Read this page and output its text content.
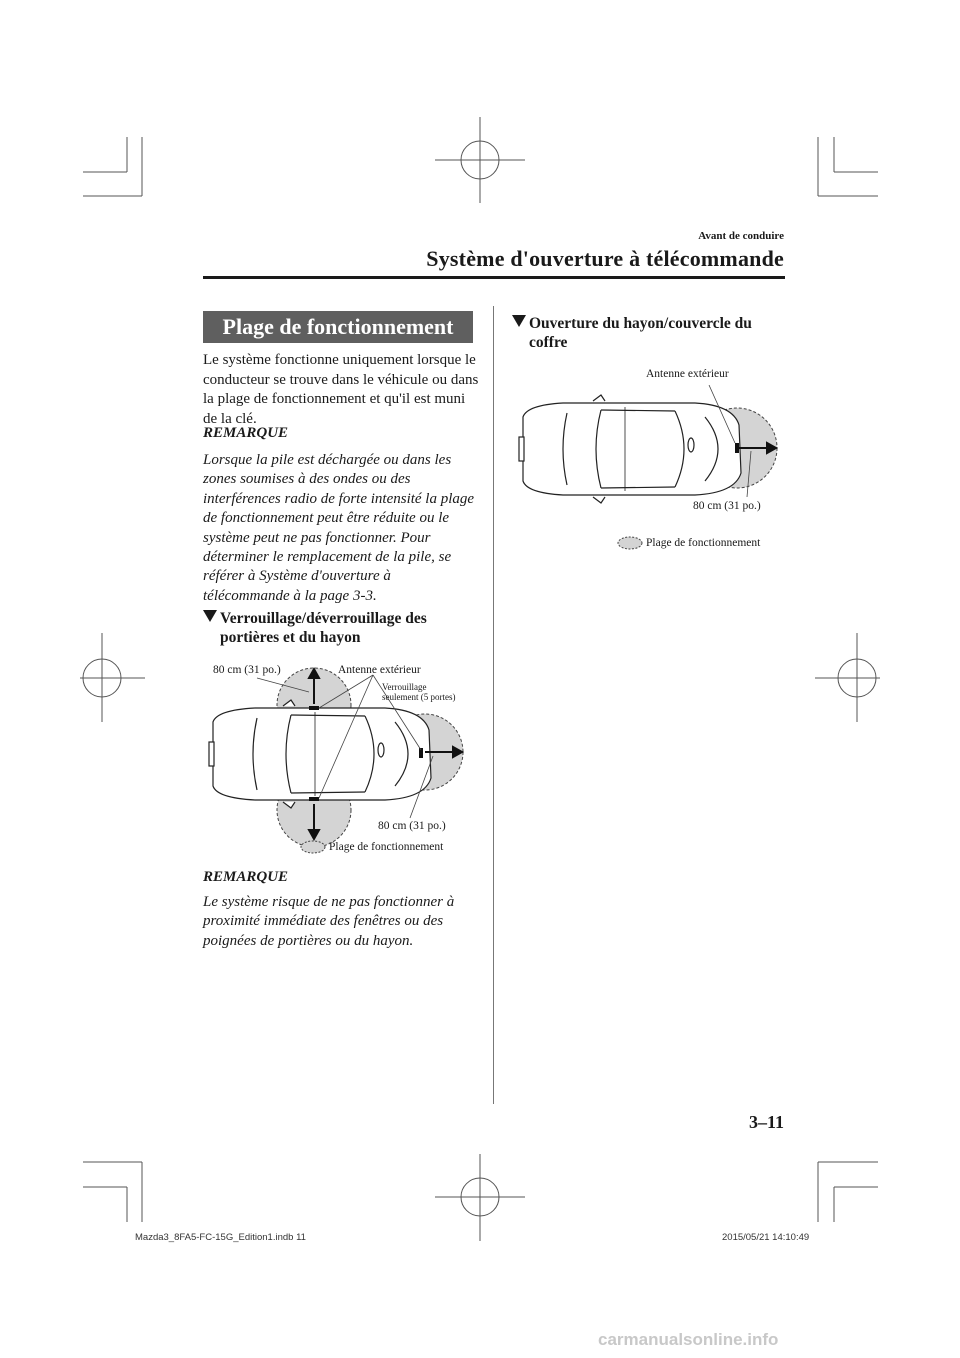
Avant de conduire
Système d'ouverture à télécommande
Plage de fonctionnement
Le système fonctionne uniquement lorsque le conducteur se trouve dans le véhicule ou dans la plage de fonctionnement et qu'il est muni de la clé.
REMARQUE
Lorsque la pile est déchargée ou dans les zones soumises à des ondes ou des interférences radio de forte intensité la plage de fonctionnement peut être réduite ou le système peut ne pas fonctionner. Pour déterminer le remplacement de la pile, se référer à Système d'ouverture à télécommande à la page 3-3.
Verrouillage/déverrouillage des
portières et du hayon
80 cm (31 po.)	Antenne extérieur
Verrouillage
seulement (5 portes)
80 cm (31 po.)
Plage de fonctionnement
REMARQUE
Le système risque de ne pas fonctionner à proximité immédiate des fenêtres ou des poignées de portières ou du hayon.
Ouverture du hayon/couvercle du
coffre
Antenne extérieur
80 cm (31 po.)
Plage de fonctionnement
3–11
Mazda3_8FA5-FC-15G_Edition1.indb 11	2015/05/21 14:10:49
carmanualsonline.info
